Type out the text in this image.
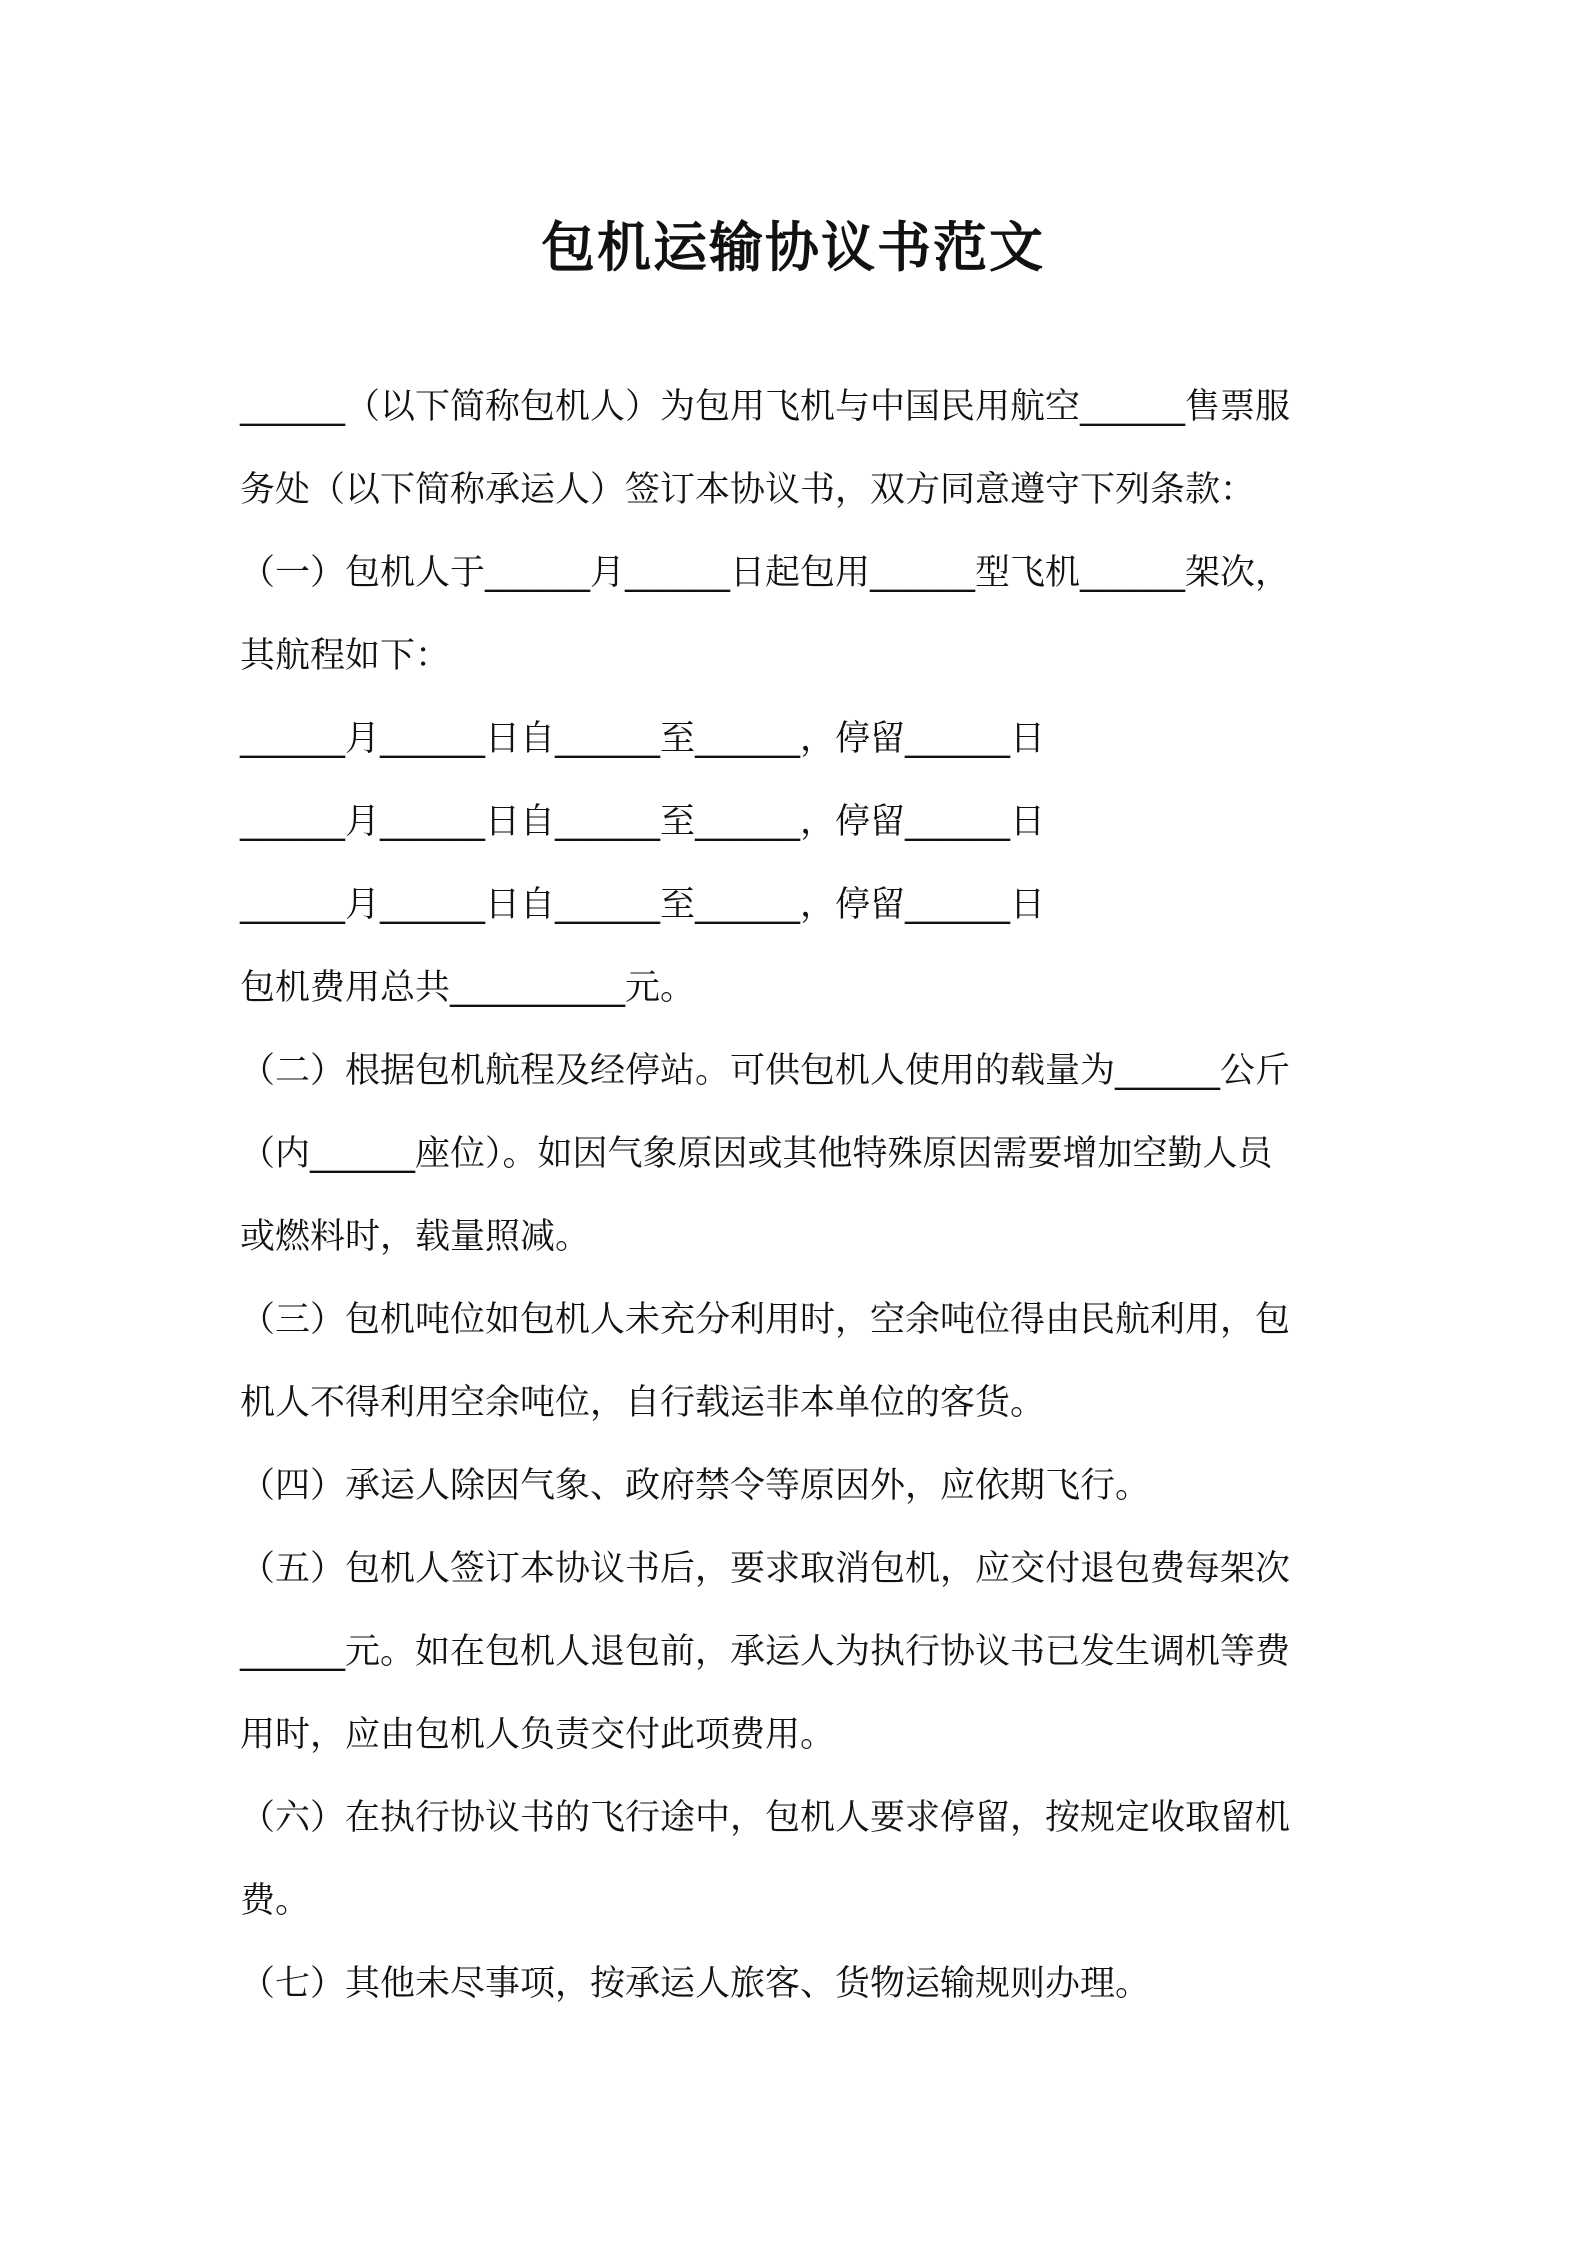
包机运输协议书范文
______（以下简称包机人）为包用飞机与中国民用航空______售票服
务处（以下简称承运人）签订本协议书，双方同意遵守下列条款：
（一）包机人于______月______日起包用______型飞机______架次，
其航程如下：
______月______日自______至______，停留______日
______月______日自______至______，停留______日
______月______日自______至______，停留______日
包机费用总共__________元。
（二）根据包机航程及经停站。可供包机人使用的载量为______公斤
（内______座位）。如因气象原因或其他特殊原因需要增加空勤人员
或燃料时，载量照减。
（三）包机吨位如包机人未充分利用时，空余吨位得由民航利用，包
机人不得利用空余吨位，自行载运非本单位的客货。
（四）承运人除因气象、政府禁令等原因外，应依期飞行。
（五）包机人签订本协议书后，要求取消包机，应交付退包费每架次
______元。如在包机人退包前，承运人为执行协议书已发生调机等费
用时，应由包机人负责交付此项费用。
（六）在执行协议书的飞行途中，包机人要求停留，按规定收取留机
费。
（七）其他未尽事项，按承运人旅客、货物运输规则办理。
